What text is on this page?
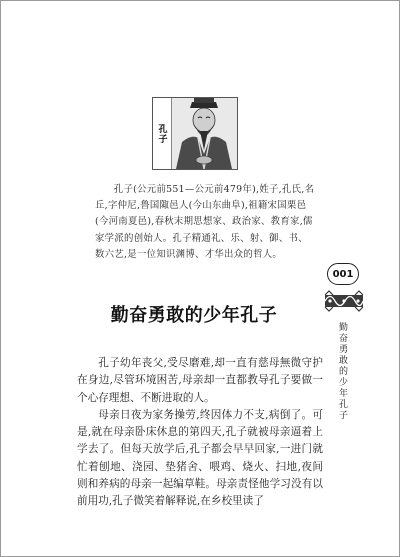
孔子

孔子(公元前551—公元前479年),姓子,孔氏,名丘,字仲尼,鲁国陬邑人(今山东曲阜),祖籍宋国栗邑(今河南夏邑),春秋末期思想家、政治家、教育家,儒家学派的创始人。孔子精通礼、乐、射、御、书、数六艺,是一位知识渊博、才华出众的哲人。

001
勤奋勇敢的少年孔子
勤奋勇敢的少年孔子

孔子幼年丧父,受尽磨难,却一直有慈母無微守护在身边,尽管环境困苦,母亲却一直都教导孔子要做一个心存理想、不断进取的人。

母亲日夜为家务操劳,终因体力不支,病倒了。可是,就在母亲卧床休息的第四天,孔子就被母亲逼着上学去了。但每天放学后,孔子都会早早回家,一进门就忙着刨地、浇园、垫猪舍、喂鸡、烧火、扫地,夜间则和养病的母亲一起编草鞋。母亲责怪他学习没有以前用功,孔子微笑着解释说,在乡校里读了
